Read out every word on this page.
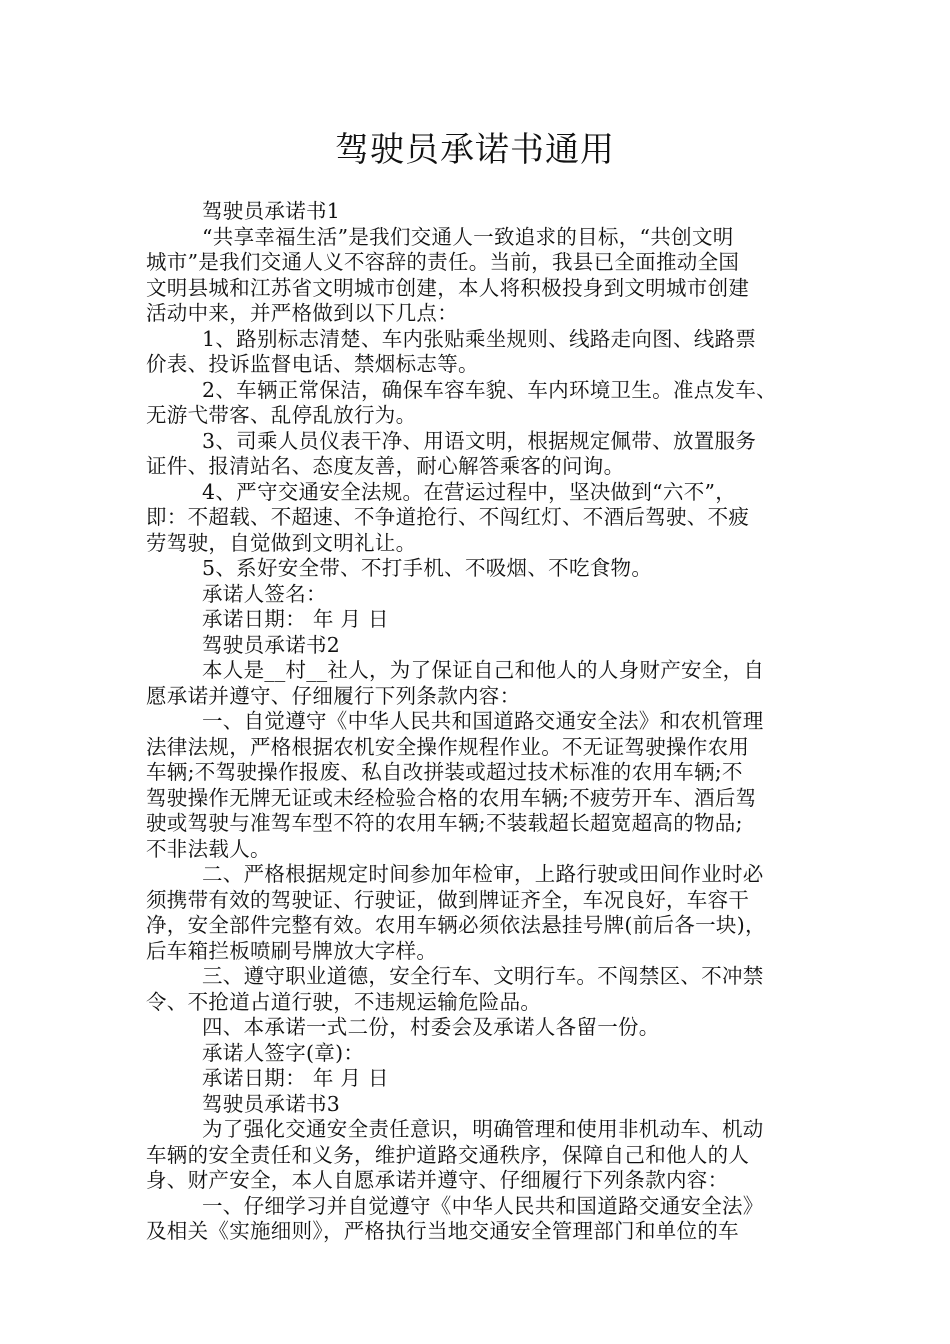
驾驶员承诺书通用
驾驶员承诺书1
“共享幸福生活”是我们交通人一致追求的目标，“共创文明
城市”是我们交通人义不容辞的责任。当前，我县已全面推动全国
文明县城和江苏省文明城市创建，本人将积极投身到文明城市创建
活动中来，并严格做到以下几点：
1、路别标志清楚、车内张贴乘坐规则、线路走向图、线路票
价表、投诉监督电话、禁烟标志等。
2、车辆正常保洁，确保车容车貌、车内环境卫生。准点发车、
无游弋带客、乱停乱放行为。
3、司乘人员仪表干净、用语文明，根据规定佩带、放置服务
证件、报清站名、态度友善，耐心解答乘客的问询。
4、严守交通安全法规。在营运过程中，坚决做到“六不”，
即：不超载、不超速、不争道抢行、不闯红灯、不酒后驾驶、不疲
劳驾驶，自觉做到文明礼让。
5、系好安全带、不打手机、不吸烟、不吃食物。
承诺人签名：
承诺日期： 年 月 日
驾驶员承诺书2
本人是__村__社人，为了保证自己和他人的人身财产安全，自
愿承诺并遵守、仔细履行下列条款内容：
一、自觉遵守《中华人民共和国道路交通安全法》和农机管理
法律法规，严格根据农机安全操作规程作业。不无证驾驶操作农用
车辆;不驾驶操作报废、私自改拼装或超过技术标准的农用车辆;不
驾驶操作无牌无证或未经检验合格的农用车辆;不疲劳开车、酒后驾
驶或驾驶与准驾车型不符的农用车辆;不装载超长超宽超高的物品;
不非法载人。
二、严格根据规定时间参加年检审，上路行驶或田间作业时必
须携带有效的驾驶证、行驶证，做到牌证齐全，车况良好，车容干
净，安全部件完整有效。农用车辆必须依法悬挂号牌(前后各一块)，
后车箱拦板喷刷号牌放大字样。
三、遵守职业道德，安全行车、文明行车。不闯禁区、不冲禁
令、不抢道占道行驶，不违规运输危险品。
四、本承诺一式二份，村委会及承诺人各留一份。
承诺人签字(章)：
承诺日期： 年 月 日
驾驶员承诺书3
为了强化交通安全责任意识，明确管理和使用非机动车、机动
车辆的安全责任和义务，维护道路交通秩序，保障自己和他人的人
身、财产安全，本人自愿承诺并遵守、仔细履行下列条款内容：
一、仔细学习并自觉遵守《中华人民共和国道路交通安全法》
及相关《实施细则》，严格执行当地交通安全管理部门和单位的车
